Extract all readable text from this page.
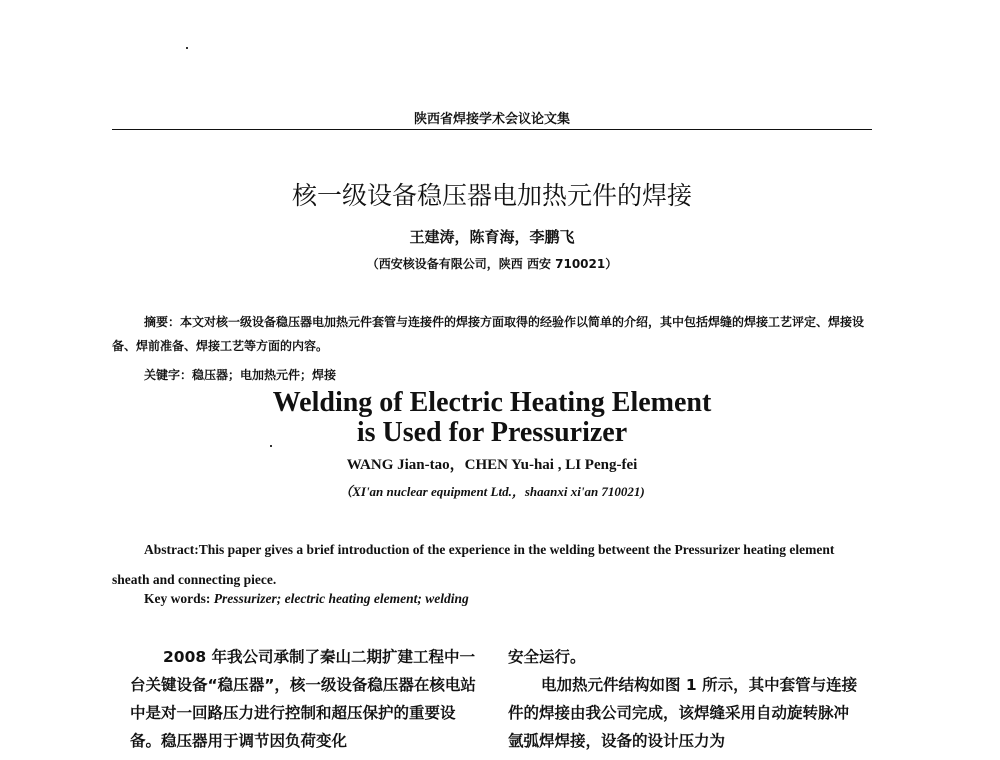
陕西省焊接学术会议论文集
核一级设备稳压器电加热元件的焊接
王建涛，陈育海，李鹏飞
（西安核设备有限公司，陕西 西安 710021）

摘要：本文对核一级设备稳压器电加热元件套管与连接件的焊接方面取得的经验作以简单的介绍，其中包括焊缝的焊接工艺评定、焊接设备、焊前准备、焊接工艺等方面的内容。

关键字：稳压器；电加热元件；焊接
Welding of Electric Heating Element
is Used for Pressurizer
WANG Jian-tao，CHEN Yu-hai , LI Peng-fei
（XI'an nuclear equipment Ltd.，shaanxi xi'an 710021)

Abstract:This paper gives a brief introduction of the experience in the welding betweent the Pressurizer heating element sheath and connecting piece.

Key words: Pressurizer; electric heating element; welding

2008 年我公司承制了秦山二期扩建工程中一台关键设备“稳压器”，核一级设备稳压器在核电站中是对一回路压力进行控制和超压保护的重要设备。稳压器用于调节因负荷变化

安全运行。

电加热元件结构如图 1 所示，其中套管与连接件的焊接由我公司完成，该焊缝采用自动旋转脉冲氩弧焊焊接，设备的设计压力为
